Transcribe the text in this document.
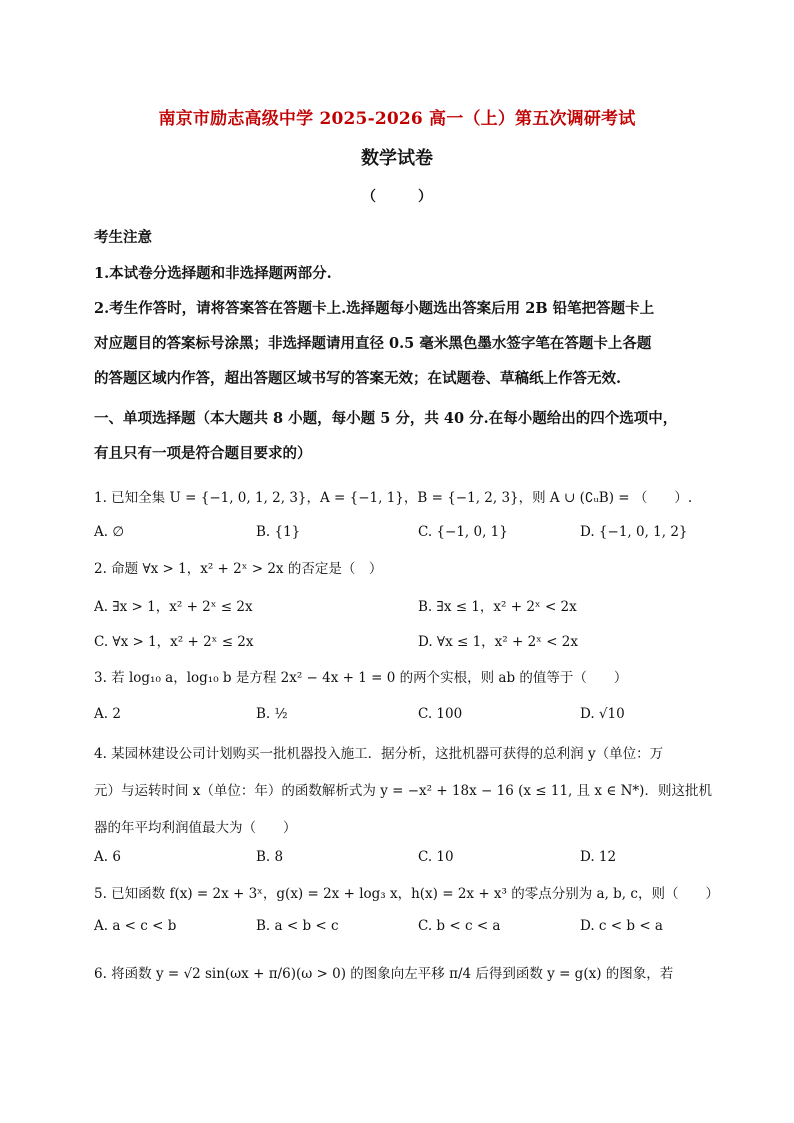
南京市励志高级中学 2025-2026 高一（上）第五次调研考试
数学试卷
（　　　）
考生注意
1.本试卷分选择题和非选择题两部分.
2.考生作答时，请将答案答在答题卡上.选择题每小题选出答案后用 2B 铅笔把答题卡上
对应题目的答案标号涂黑；非选择题请用直径 0.5 毫米黑色墨水签字笔在答题卡上各题
的答题区域内作答，超出答题区域书写的答案无效；在试题卷、草稿纸上作答无效.
一、单项选择题（本大题共 8 小题，每小题 5 分，共 40 分.在每小题给出的四个选项中，
有且只有一项是符合题目要求的）
1. 已知全集 U = {−1, 0, 1, 2, 3}，A = {−1, 1}，B = {−1, 2, 3}，则 A ∪ (∁ᵤB) = （　　）.
A. ∅	B. {1}	C. {−1, 0, 1}	D. {−1, 0, 1, 2}
2. 命题 ∀x > 1，x² + 2ˣ > 2x 的否定是（　）
A. ∃x > 1，x² + 2ˣ ≤ 2x	B. ∃x ≤ 1，x² + 2ˣ < 2x
C. ∀x > 1，x² + 2ˣ ≤ 2x	D. ∀x ≤ 1，x² + 2ˣ < 2x
3. 若 log₁₀ a，log₁₀ b 是方程 2x² − 4x + 1 = 0 的两个实根，则 ab 的值等于（　　）
A. 2	B. ½	C. 100	D. √10
4. 某园林建设公司计划购买一批机器投入施工．据分析，这批机器可获得的总利润 y（单位：万
元）与运转时间 x（单位：年）的函数解析式为 y = −x² + 18x − 16 (x ≤ 11, 且 x ∈ N*)．则这批机
器的年平均利润值最大为（　　）
A. 6	B. 8	C. 10	D. 12
5. 已知函数 f(x) = 2x + 3ˣ，g(x) = 2x + log₃ x，h(x) = 2x + x³ 的零点分别为 a, b, c，则（　　）
A. a < c < b	B. a < b < c	C. b < c < a	D. c < b < a
6. 将函数 y = √2 sin(ωx + π/6)(ω > 0) 的图象向左平移 π/4 后得到函数 y = g(x) 的图象，若
